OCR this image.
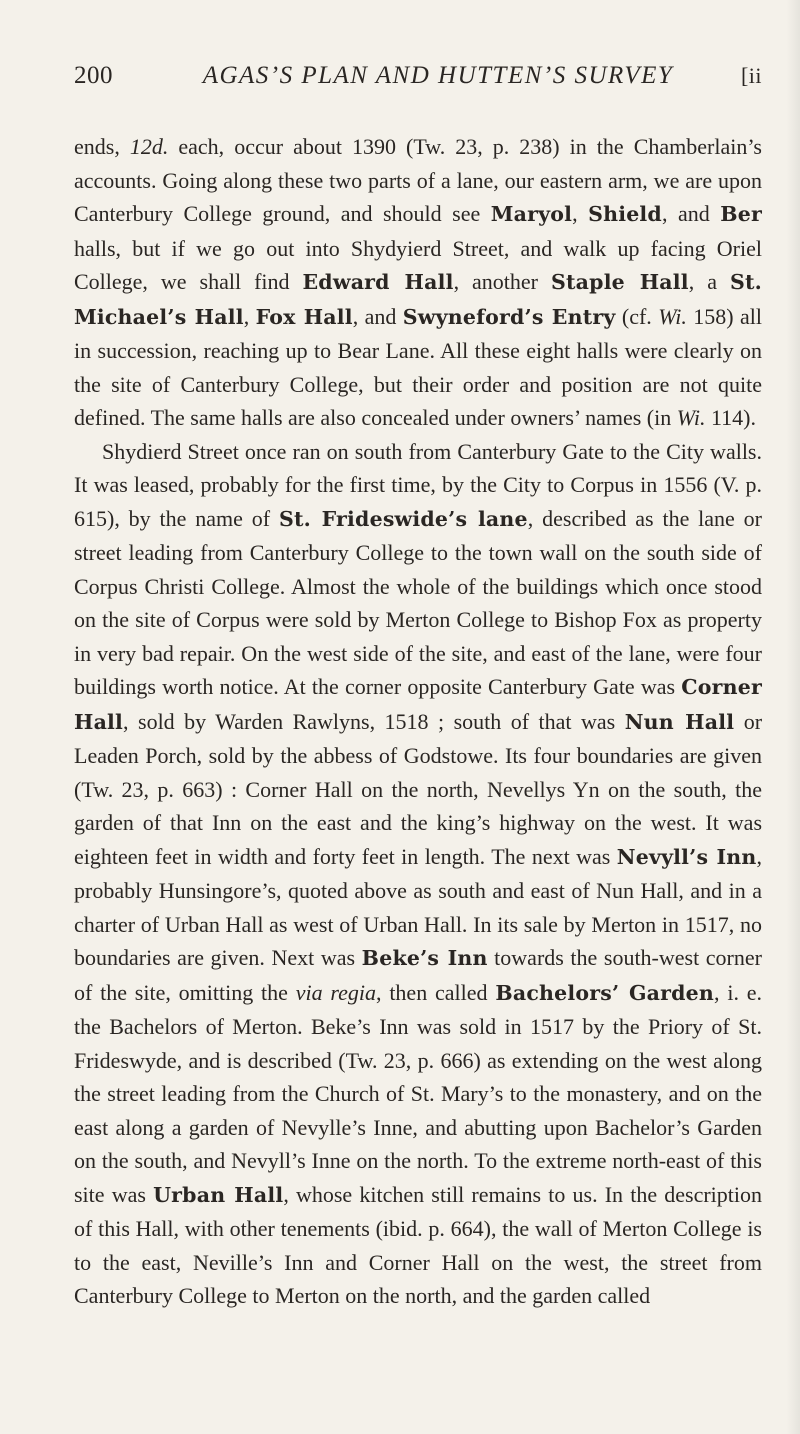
200	AGAS’S PLAN AND HUTTEN’S SURVEY	[ii

ends, 12d. each, occur about 1390 (Tw. 23, p. 238) in the Chamberlain’s accounts. Going along these two parts of a lane, our eastern arm, we are upon Canterbury College ground, and should see Maryol, Shield, and Ber halls, but if we go out into Shydyierd Street, and walk up facing Oriel College, we shall find Edward Hall, another Staple Hall, a St. Michael’s Hall, Fox Hall, and Swyneford’s Entry (cf. Wi. 158) all in succession, reaching up to Bear Lane. All these eight halls were clearly on the site of Canterbury College, but their order and position are not quite defined. The same halls are also concealed under owners’ names (in Wi. 114).

Shydierd Street once ran on south from Canterbury Gate to the City walls. It was leased, probably for the first time, by the City to Corpus in 1556 (V. p. 615), by the name of St. Frideswide’s lane, described as the lane or street leading from Canterbury College to the town wall on the south side of Corpus Christi College. Almost the whole of the buildings which once stood on the site of Corpus were sold by Merton College to Bishop Fox as property in very bad repair. On the west side of the site, and east of the lane, were four buildings worth notice. At the corner opposite Canterbury Gate was Corner Hall, sold by Warden Rawlyns, 1518 ; south of that was Nun Hall or Leaden Porch, sold by the abbess of Godstowe. Its four boundaries are given (Tw. 23, p. 663) : Corner Hall on the north, Nevellys Yn on the south, the garden of that Inn on the east and the king’s highway on the west. It was eighteen feet in width and forty feet in length. The next was Nevyll’s Inn, probably Hunsingore’s, quoted above as south and east of Nun Hall, and in a charter of Urban Hall as west of Urban Hall. In its sale by Merton in 1517, no boundaries are given. Next was Beke’s Inn towards the south-west corner of the site, omitting the via regia, then called Bachelors’ Garden, i. e. the Bachelors of Merton. Beke’s Inn was sold in 1517 by the Priory of St. Frideswyde, and is described (Tw. 23, p. 666) as extending on the west along the street leading from the Church of St. Mary’s to the monastery, and on the east along a garden of Nevylle’s Inne, and abutting upon Bachelor’s Garden on the south, and Nevyll’s Inne on the north. To the extreme north-east of this site was Urban Hall, whose kitchen still remains to us. In the description of this Hall, with other tenements (ibid. p. 664), the wall of Merton College is to the east, Neville’s Inn and Corner Hall on the west, the street from Canterbury College to Merton on the north, and the garden called
